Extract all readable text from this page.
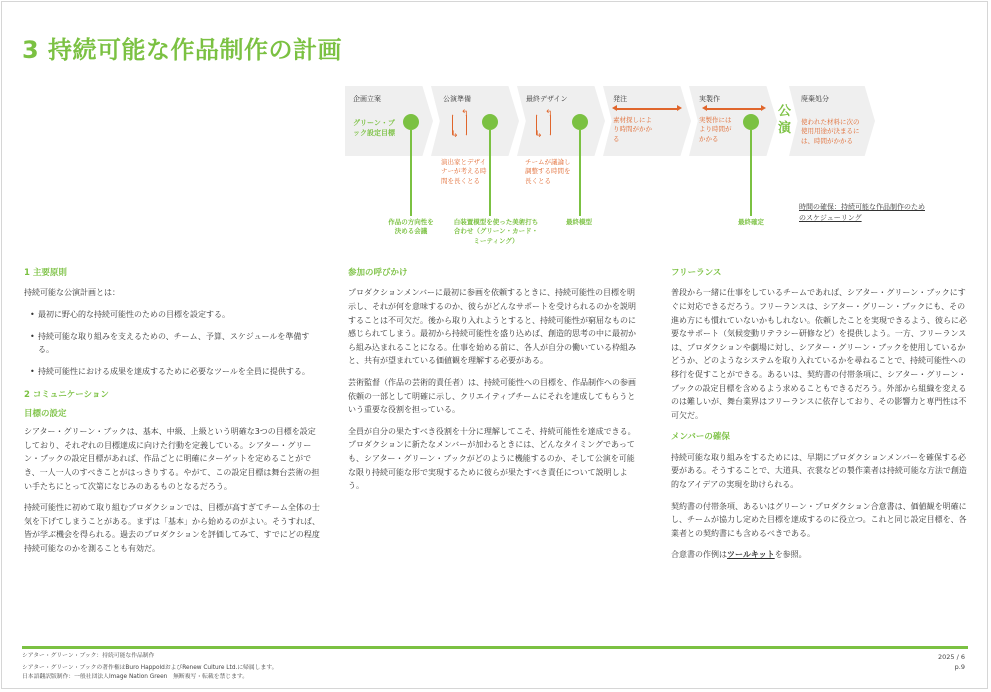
3 持続可能な作品制作の計画
企画立案
グリーン・ブック設定目標
公演準備
↰
↳
演出家とデザイナーが考える時間を長くとる
最終デザイン
↰
↳
チームが議論し調整する時間を長くとる
発注
素材探しにより時間がかかる
実製作
実製作にはより時間がかかる
公演
廃棄処分
使われた材料に次の使用用途が決まるには、時間がかかる
作品の方向性を決める会議
白装置模型を使った美術打ち合わせ（グリーン・カード・ミーティング）
最終模型	最終確定
時間の確保：持続可能な作品制作のためのスケジューリング
1 主要原則

持続可能な公演計画とは：

• 最初に野心的な持続可能性のための目標を設定する。
• 持続可能な取り組みを支えるための、チーム、予算、スケジュールを準備する。
• 持続可能性における成果を達成するために必要なツールを全員に提供する。
2 コミュニケーション
目標の設定

シアター・グリーン・ブックは、基本、中級、上級という明確な3つの目標を設定しており、それぞれの目標達成に向けた行動を定義している。シアター・グリーン・ブックの設定目標があれば、作品ごとに明確にターゲットを定めることができ、一人一人のすべきことがはっきりする。やがて、この設定目標は舞台芸術の担い手たちにとって次第になじみのあるものとなるだろう。

持続可能性に初めて取り組むプロダクションでは、目標が高すぎてチーム全体の士気を下げてしまうことがある。まずは「基本」から始めるのがよい。そうすれば、皆が学ぶ機会を得られる。過去のプロダクションを評価してみて、すでにどの程度持続可能なのかを測ることも有効だ。

参加の呼びかけ

プロダクションメンバーに最初に参画を依頼するときに、持続可能性の目標を明示し、それが何を意味するのか、彼らがどんなサポートを受けられるのかを説明することは不可欠だ。後から取り入れようとすると、持続可能性が窮屈なものに感じられてしまう。最初から持続可能性を盛り込めば、創造的思考の中に最初から組み込まれることになる。仕事を始める前に、各人が自分の働いている枠組みと、共有が望まれている価値観を理解する必要がある。

芸術監督（作品の芸術的責任者）は、持続可能性への目標を、作品制作への参画依頼の一部として明確に示し、クリエイティブチームにそれを達成してもらうという重要な役割を担っている。

全員が自分の果たすべき役割を十分に理解してこそ、持続可能性を達成できる。プロダクションに新たなメンバーが加わるときには、どんなタイミングであっても、シアター・グリーン・ブックがどのように機能するのか、そして公演を可能な限り持続可能な形で実現するために彼らが果たすべき責任について説明しよう。

フリーランス

普段から一緒に仕事をしているチームであれば、シアター・グリーン・ブックにすぐに対応できるだろう。フリーランスは、シアター・グリーン・ブックにも、その進め方にも慣れていないかもしれない。依頼したことを実現できるよう、彼らに必要なサポート（気候変動リテラシー研修など）を提供しよう。一方、フリーランスは、プロダクションや劇場に対し、シアター・グリーン・ブックを使用しているかどうか、どのようなシステムを取り入れているかを尋ねることで、持続可能性への移行を促すことができる。あるいは、契約書の付帯条項に、シアター・グリーン・ブックの設定目標を含めるよう求めることもできるだろう。外部から組織を変えるのは難しいが、舞台業界はフリーランスに依存しており、その影響力と専門性は不可欠だ。

メンバーの確保

持続可能な取り組みをするためには、早期にプロダクションメンバーを確保する必要がある。そうすることで、大道具、衣裳などの製作業者は持続可能な方法で創造的なアイデアの実現を助けられる。

契約書の付帯条項、あるいはグリーン・プロダクション合意書は、価値観を明確にし、チームが協力し定めた目標を達成するのに役立つ。これと同じ設定目標を、各業者との契約書にも含めるべきである。

合意書の作例はツールキットを参照。

シアター・グリーン・ブック：持続可能な作品制作
シアター・グリーン・ブックの著作権はBuro HappoldおよびRenew Culture Ltd.に帰属します。
日本語翻訳版制作：一般社団法人Image Nation Green　無断複写・転載を禁じます。
2025 / 6
p.9
